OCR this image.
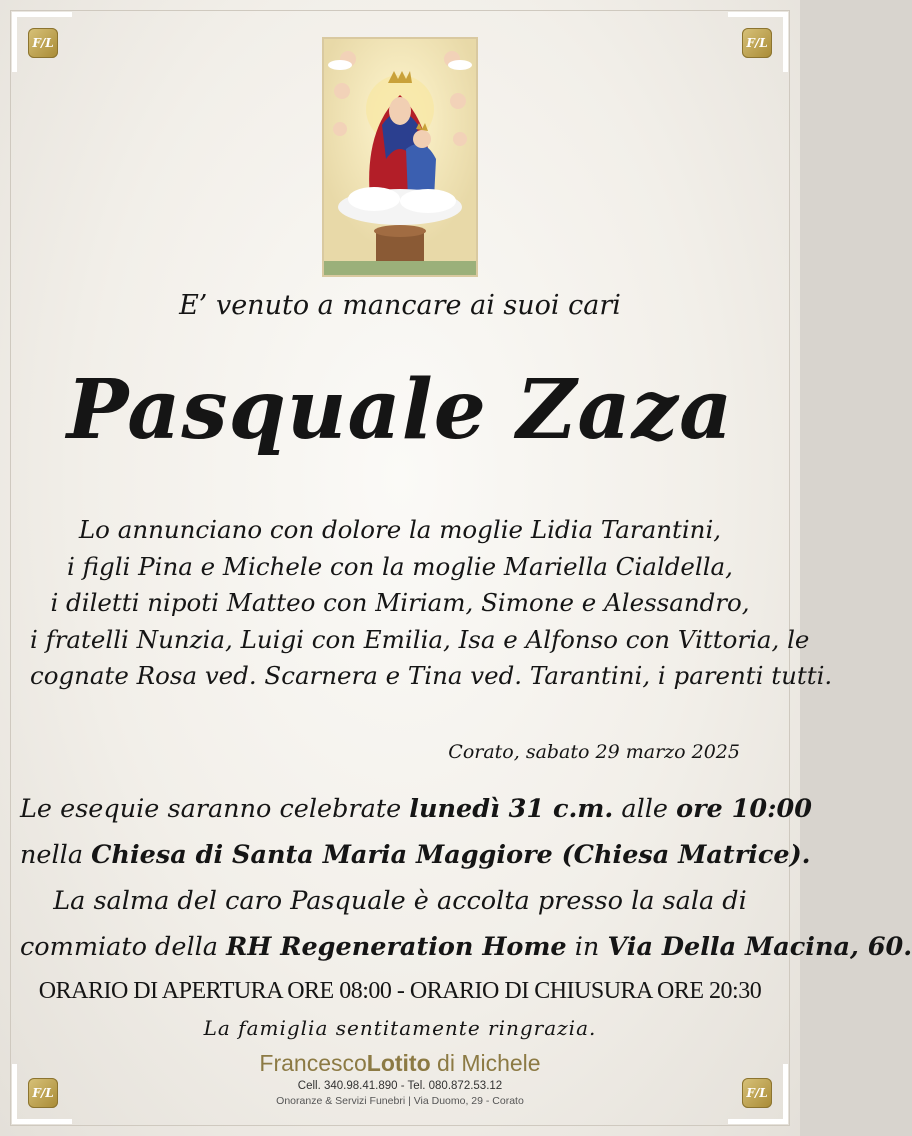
F/L	F/L
F/L	F/L
E’ venuto a mancare ai suoi cari
Pasquale Zaza
Lo annunciano con dolore la moglie Lidia Tarantini,
i figli Pina e Michele con la moglie Mariella Cialdella,
i diletti nipoti Matteo con Miriam, Simone e Alessandro,
i fratelli Nunzia, Luigi con Emilia, Isa e Alfonso con Vittoria, le
cognate Rosa ved. Scarnera e Tina ved. Tarantini, i parenti tutti.
Corato, sabato 29 marzo 2025
Le esequie saranno celebrate lunedì 31 c.m. alle ore 10:00
nella Chiesa di Santa Maria Maggiore (Chiesa Matrice).
La salma del caro Pasquale è accolta presso la sala di
commiato della RH Regeneration Home in Via Della Macina, 60.
ORARIO DI APERTURA ORE 08:00 - ORARIO DI CHIUSURA ORE 20:30
La famiglia sentitamente ringrazia.
FrancescoLotito di Michele
Cell. 340.98.41.890 - Tel. 080.872.53.12
Onoranze & Servizi Funebri | Via Duomo, 29 - Corato
